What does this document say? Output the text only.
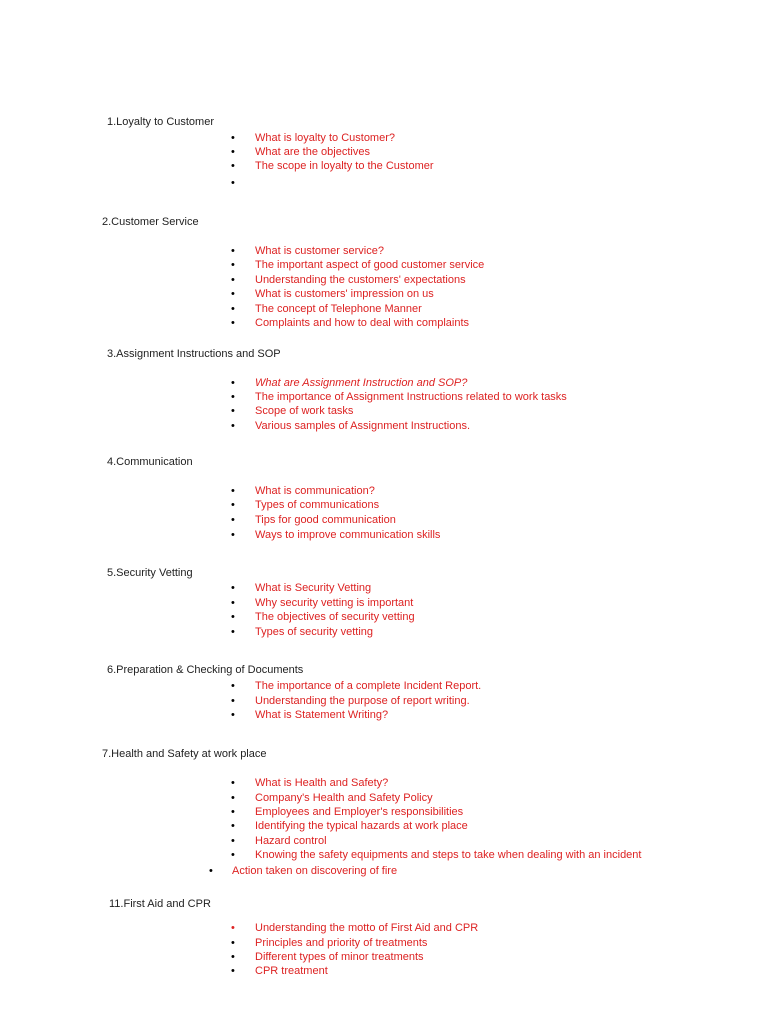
1.Loyalty to Customer
• What is loyalty to Customer?
• What are the objectives
• The scope in loyalty to the Customer
•
2.Customer Service
• What is customer service?
• The important aspect of good customer service
• Understanding the customers' expectations
• What is customers' impression on us
• The concept of Telephone Manner
• Complaints and how to deal with complaints
3.Assignment Instructions and SOP
• What are Assignment Instruction and SOP?
• The importance of Assignment Instructions related to work tasks
• Scope of work tasks
• Various samples of Assignment Instructions.
4.Communication
• What is communication?
• Types of communications
• Tips for good communication
• Ways to improve communication skills
5.Security Vetting
• What is Security Vetting
• Why security vetting is important
• The objectives of security vetting
• Types of security vetting
6.Preparation & Checking of Documents
• The importance of a complete Incident Report.
• Understanding the purpose of report writing.
• What is Statement Writing?
7.Health and Safety at work place
• What is Health and Safety?
• Company's Health and Safety Policy
• Employees and Employer's responsibilities
• Identifying the typical hazards at work place
• Hazard control
• Knowing the safety equipments and steps to take when dealing with an incident
• Action taken on discovering of fire
11.First Aid and CPR
• Understanding the motto of First Aid and CPR
• Principles and priority of treatments
• Different types of minor treatments
• CPR treatment
